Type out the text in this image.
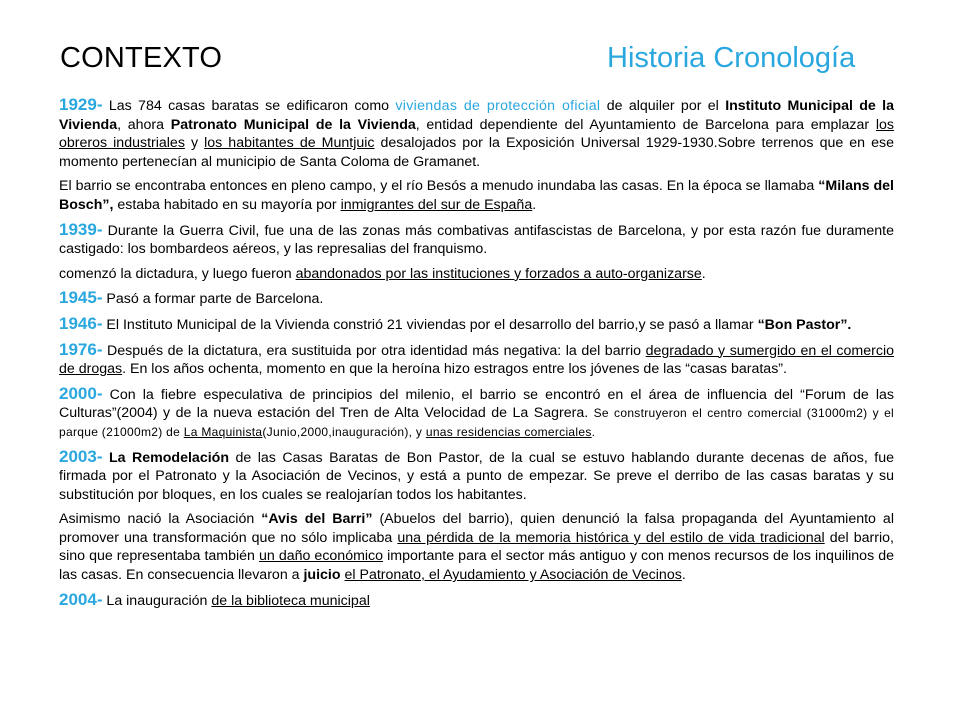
CONTEXTO	Historia Cronología

1929- Las 784 casas baratas se edificaron como viviendas de protección oficial de alquiler por el Instituto Municipal de la Vivienda, ahora Patronato Municipal de la Vivienda, entidad dependiente del Ayuntamiento de Barcelona para emplazar los obreros industriales y los habitantes de Muntjuic desalojados por la Exposición Universal 1929-1930.Sobre terrenos que en ese momento pertenecían al municipio de Santa Coloma de Gramanet.

El barrio se encontraba entonces en pleno campo, y el río Besós a menudo inundaba las casas. En la época se llamaba “Milans del Bosch”, estaba habitado en su mayoría por inmigrantes del sur de España.

1939- Durante la Guerra Civil, fue una de las zonas más combativas antifascistas de Barcelona, y por esta razón fue duramente castigado: los bombardeos aéreos, y las represalias del franquismo.

comenzó la dictadura, y luego fueron abandonados por las instituciones y forzados a auto-organizarse.

1945- Pasó a formar parte de Barcelona.

1946- El Instituto Municipal de la Vivienda constrió 21 viviendas por el desarrollo del barrio,y se pasó a llamar “Bon Pastor”.

1976- Después de la dictatura, era sustituida por otra identidad más negativa: la del barrio degradado y sumergido en el comercio de drogas. En los años ochenta, momento en que la heroína hizo estragos entre los jóvenes de las “casas baratas”.

2000- Con la fiebre especulativa de principios del milenio, el barrio se encontró en el área de influencia del “Forum de las Culturas”(2004) y de la nueva estación del Tren de Alta Velocidad de La Sagrera. Se construyeron el centro comercial (31000m2) y el parque (21000m2) de La Maquinista(Junio,2000,inauguración), y unas residencias comerciales.

2003- La Remodelación de las Casas Baratas de Bon Pastor, de la cual se estuvo hablando durante decenas de años, fue firmada por el Patronato y la Asociación de Vecinos, y está a punto de empezar. Se preve el derribo de las casas baratas y su substitución por bloques, en los cuales se realojarían todos los habitantes.

Asimismo nació la Asociación “Avis del Barri” (Abuelos del barrio), quien denunció la falsa propaganda del Ayuntamiento al promover una transformación que no sólo implicaba una pérdida de la memoria histórica y del estilo de vida tradicional del barrio, sino que representaba también un daño económico importante para el sector más antiguo y con menos recursos de los inquilinos de las casas. En consecuencia llevaron a juicio el Patronato, el Ayudamiento y Asociación de Vecinos.

2004- La inauguración de la biblioteca municipal
